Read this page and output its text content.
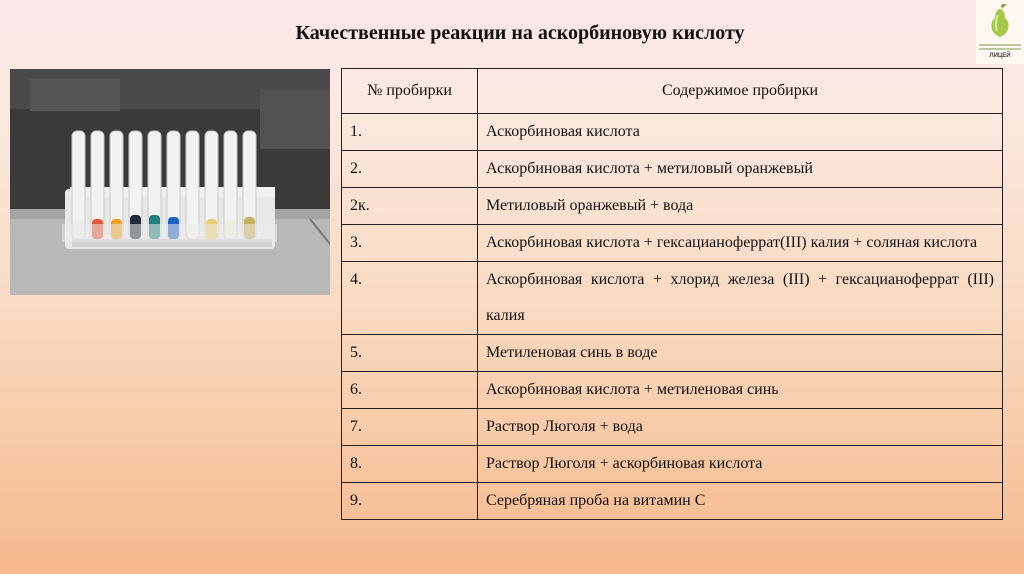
Качественные реакции на аскорбиновую кислоту
ЛИЦЕЙ
№ пробирки	Содержимое пробирки
1.	Аскорбиновая кислота
2.	Аскорбиновая кислота + метиловый оранжевый
2к.	Метиловый оранжевый + вода
3.	Аскорбиновая кислота + гексацианоферрат(III) калия + соляная кислота
4.	Аскорбиновая кислота + хлорид железа (III) + гексацианоферрат (III) калия
5.	Метиленовая синь в воде
6.	Аскорбиновая кислота + метиленовая синь
7.	Раствор Люголя + вода
8.	Раствор Люголя + аскорбиновая кислота
9.	Серебряная проба на витамин С
